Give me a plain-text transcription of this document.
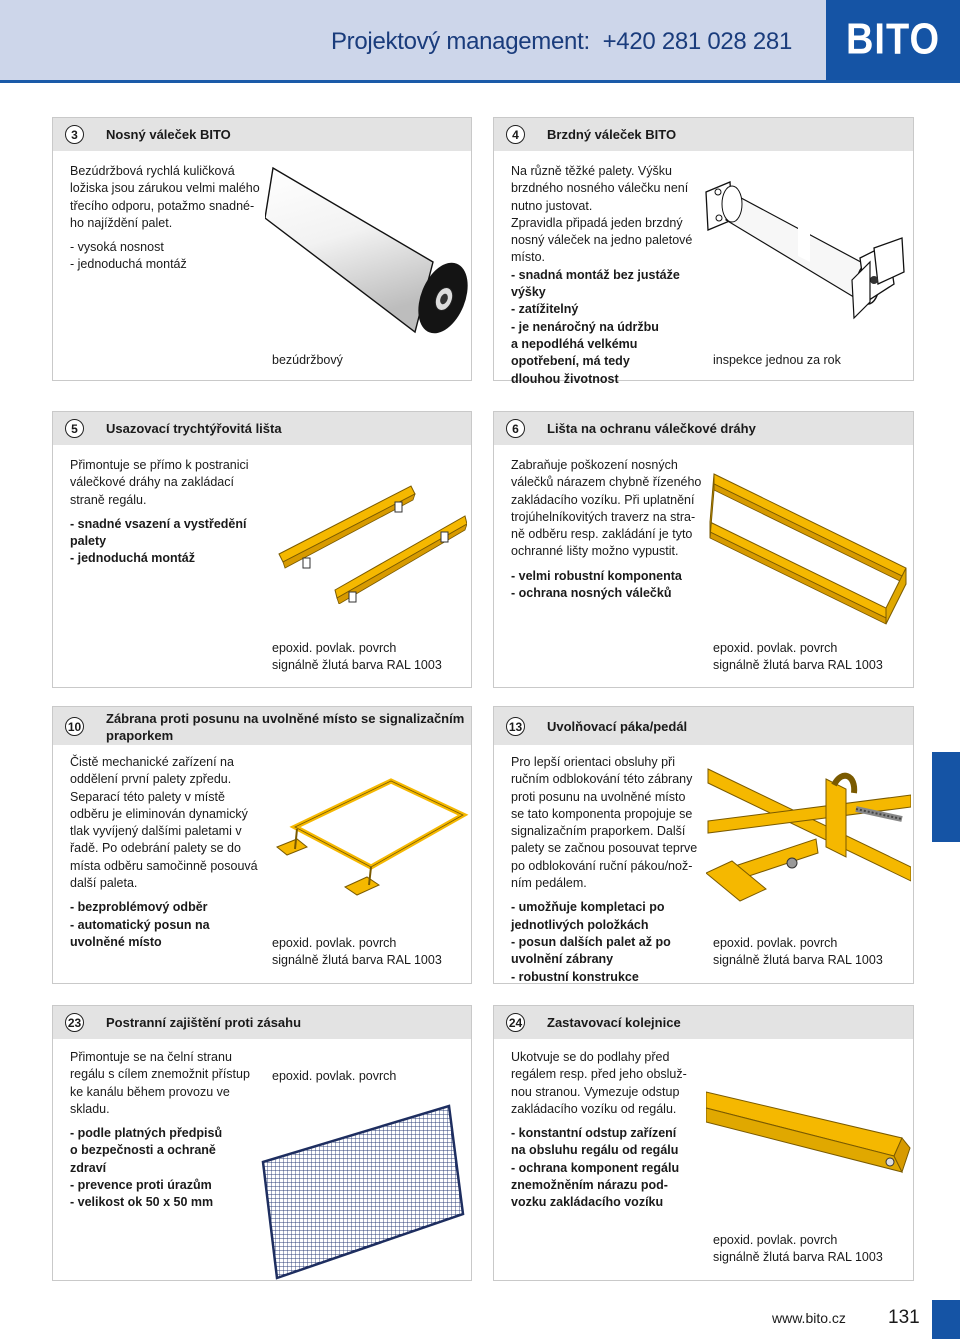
Projektový management: +420 281 028 281 BITO
3	Nosný váleček BITO

Bezúdržbová rychlá kuličková
ložiska jsou zárukou velmi malého
třecího odporu, potažmo snadné-
ho najíždění palet.

- vysoká nosnost
- jednoduchá montáž
bezúdržbový
4	Brzdný váleček BITO

Na různě těžké palety. Výšku
brzdného nosného válečku není
nutno justovat.
Zpravidla připadá jeden brzdný
nosný váleček na jedno paletové
místo.

- snadná montáž bez justáže
výšky
- zatížitelný
- je nenáročný na údržbu
a nepodléhá velkému
opotřebení, má tedy
dlouhou životnost
inspekce jednou za rok
5	Usazovací trychtýřovitá lišta

Přimontuje se přímo k postranici
válečkové dráhy na zakládací
straně regálu.

- snadné vsazení a vystředění
palety
- jednoduchá montáž
epoxid. povlak. povrch
signálně žlutá barva RAL 1003
6	Lišta na ochranu válečkové dráhy

Zabraňuje poškození nosných
válečků nárazem chybně řízeného
zakládacího vozíku. Při uplatnění
trojúhelníkovitých traverz na stra-
ně odběru resp. zakládání je tyto
ochranné lišty možno vypustit.

- velmi robustní komponenta
- ochrana nosných válečků
epoxid. povlak. povrch
signálně žlutá barva RAL 1003
10
Zábrana proti posunu na uvolněné místo se signalizačním praporkem

Čistě mechanické zařízení na
oddělení první palety zpředu.
Separací této palety v místě
odběru je eliminován dynamický
tlak vyvíjený dalšími paletami v
řadě. Po odebrání palety se do
místa odběru samočinně posouvá
další paleta.

- bezproblémový odběr
- automatický posun na
uvolněné místo	epoxid. povlak. povrch
signálně žlutá barva RAL 1003
13 Uvolňovací páka/pedál

Pro lepší orientaci obsluhy při
ručním odblokování této zábrany
proti posunu na uvolněné místo
se tato komponenta propojuje se
signalizačním praporkem. Další
palety se začnou posouvat teprve
po odblokování ruční pákou/nož-
ním pedálem.

- umožňuje kompletaci po
jednotlivých položkách
- posun dalších palet až po
uvolnění zábrany
- robustní konstrukce
epoxid. povlak. povrch
signálně žlutá barva RAL 1003
23 Postranní zajištění proti zásahu

Přimontuje se na čelní stranu
regálu s cílem znemožnit přístup
ke kanálu během provozu ve
skladu.

- podle platných předpisů
o bezpečnosti a ochraně
zdraví
- prevence proti úrazům
- velikost ok 50 x 50 mm
epoxid. povlak. povrch
24 Zastavovací kolejnice

Ukotvuje se do podlahy před
regálem resp. před jeho obsluž-
nou stranou. Vymezuje odstup
zakládacího vozíku od regálu.

- konstantní odstup zařízení
na obsluhu regálu od regálu
- ochrana komponent regálu
znemožněním nárazu pod-
vozku zakládacího vozíku
epoxid. povlak. povrch
signálně žlutá barva RAL 1003
www.bito.cz 131
